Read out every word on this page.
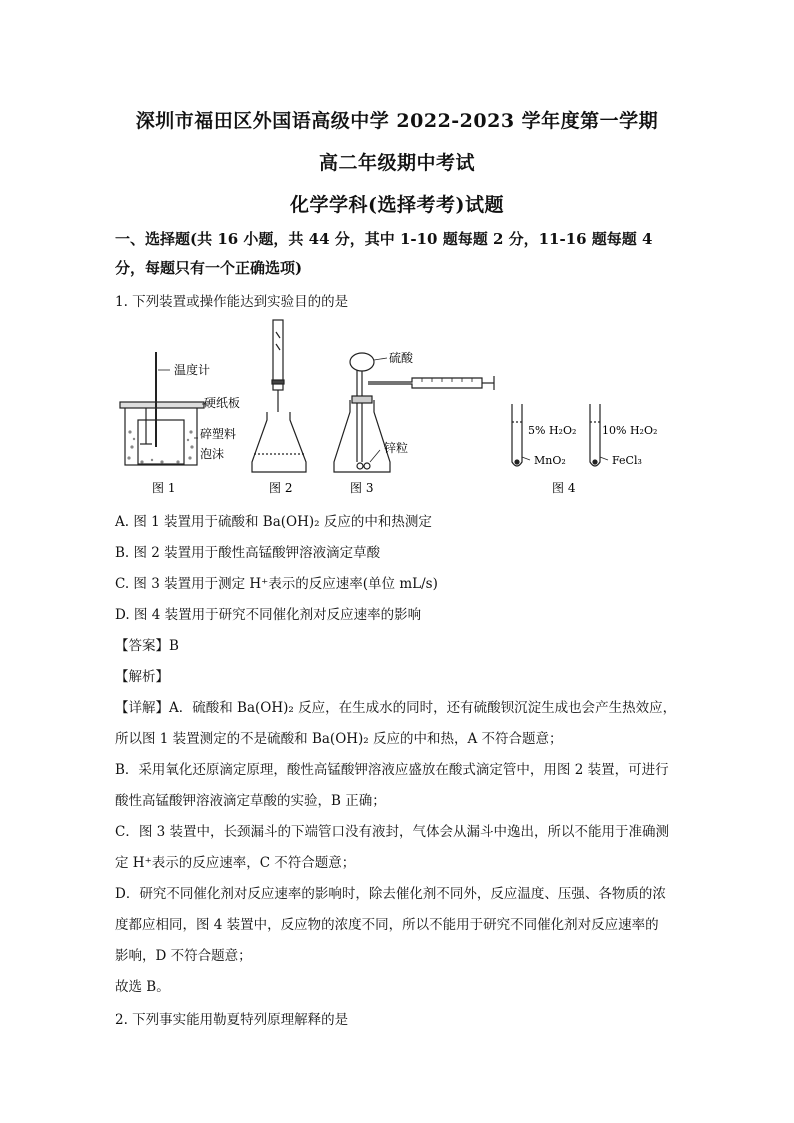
深圳市福田区外国语高级中学 2022-2023 学年度第一学期
高二年级期中考试
化学学科(选择考考)试题
一、选择题(共 16 小题，共 44 分，其中 1-10 题每题 2 分，11-16 题每题 4 分，每题只有一个正确选项)
1. 下列装置或操作能达到实验目的的是
温度计
硬纸板
碎塑料
泡沫
图 1	图 2
硫酸
锌粒
图 3
5% H₂O₂
MnO₂
10% H₂O₂
FeCl₃
图 4
A. 图 1 装置用于硫酸和 Ba(OH)₂ 反应的中和热测定
B. 图 2 装置用于酸性高锰酸钾溶液滴定草酸
C. 图 3 装置用于测定 H⁺表示的反应速率(单位 mL/s)
D. 图 4 装置用于研究不同催化剂对反应速率的影响
【答案】B
【解析】
【详解】A．硫酸和 Ba(OH)₂ 反应，在生成水的同时，还有硫酸钡沉淀生成也会产生热效应，
所以图 1 装置测定的不是硫酸和 Ba(OH)₂ 反应的中和热，A 不符合题意；
B．采用氧化还原滴定原理，酸性高锰酸钾溶液应盛放在酸式滴定管中，用图 2 装置，可进行
酸性高锰酸钾溶液滴定草酸的实验，B 正确；
C．图 3 装置中，长颈漏斗的下端管口没有液封，气体会从漏斗中逸出，所以不能用于准确测
定 H⁺表示的反应速率，C 不符合题意；
D．研究不同催化剂对反应速率的影响时，除去催化剂不同外，反应温度、压强、各物质的浓
度都应相同，图 4 装置中，反应物的浓度不同，所以不能用于研究不同催化剂对反应速率的
影响，D 不符合题意；
故选 B。
2. 下列事实能用勒夏特列原理解释的是
